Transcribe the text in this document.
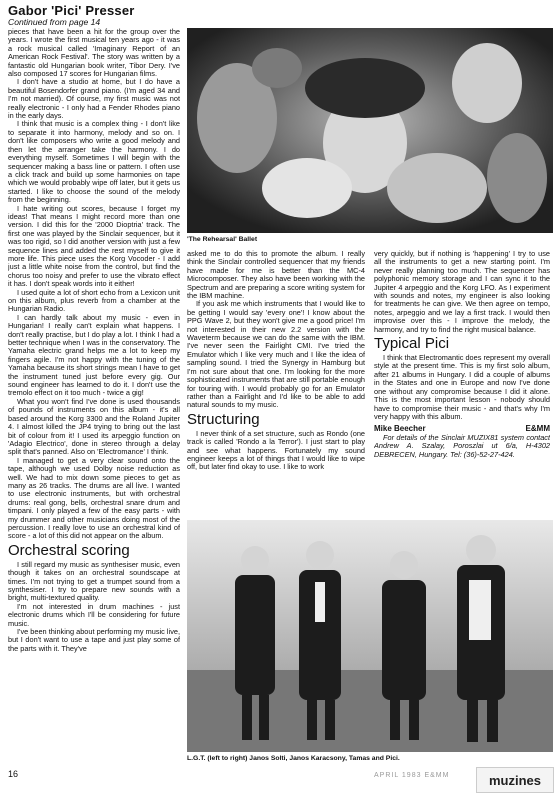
Gabor 'Pici' Presser
Continued from page 14

pieces that have been a hit for the group over the years. I wrote the first musical ten years ago - it was a rock musical called 'Imaginary Report of an American Rock Festival'. The story was written by a fantastic old Hungarian book writer, Tibor Dery. I've also composed 17 scores for Hungarian films.

I don't have a studio at home, but I do have a beautiful Bosendorfer grand piano. (I'm aged 34 and I'm not married). Of course, my first music was not really electronic - I only had a Fender Rhodes piano in the early days.

I think that music is a complex thing - I don't like to separate it into harmony, melody and so on. I don't like composers who write a good melody and then let the arranger take the harmony. I do everything myself. Sometimes I will begin with the sequencer making a bass line or pattern. I often use a click track and build up some harmonies on tape which we would probably wipe off later, but it gets us started. I like to choose the sound of the melody from the beginning.

I hate writing out scores, because I forget my ideas! That means I might record more than one version. I did this for the '2000 Dioptria' track. The first one was played by the Sinclair sequencer, but it was too rigid, so I did another version with just a few sequence lines and added the rest myself to give it more life. This piece uses the Korg Vocoder - I add just a little white noise from the control, but find the chorus too noisy and prefer to use the vibrato effect it has. I don't speak words into it either!

I used quite a lot of short echo from a Lexicon unit on this album, plus reverb from a chamber at the Hungarian Radio.

I can hardly talk about my music - even in Hungarian! I really can't explain what happens. I don't really practise, but I do play a lot. I think I had a better technique when I was in the conservatory. The Yamaha electric grand helps me a lot to keep my fingers agile. I'm not happy with the tuning of the Yamaha because its short strings mean I have to get the instrument tuned just before every gig. Our sound engineer has learned to do it. I don't use the tremolo effect on it too much - twice a gig!

What you won't find I've done is used thousands of pounds of instruments on this album - it's all based around the Korg 3300 and the Roland Jupiter 4. I almost killed the JP4 trying to bring out the last bit of colour from it! I used its arpeggio function on 'Adagio Electrico', done in stereo through a delay split that's panned. Also on 'Electromance' I think.

I managed to get a very clear sound onto the tape, although we used Dolby noise reduction as well. We had to mix down some pieces to get as many as 26 tracks. The drums are all live. I wanted to use electronic instruments, but with orchestral drums: real gong, bells, orchestral snare drum and timpani. I only played a few of the easy parts - with my drummer and other musicians doing most of the percussion. I really love to use an orchestral kind of score - a lot of this did not appear on the album.

Orchestral scoring

I still regard my music as synthesiser music, even though it takes on an orchestral soundscape at times. I'm not trying to get a trumpet sound from a synthesiser. I try to prepare new sounds with a bright, multi-textured quality.

I'm not interested in drum machines - just electronic drums which I'll be considering for future music.

I've been thinking about performing my music live, but I don't want to use a tape and just play some of the parts with it. They've

'The Rehearsal' Ballet

asked me to do this to promote the album. I really think the Sinclair controlled sequencer that my friends have made for me is better than the MC-4 Microcomposer. They also have been working with the Spectrum and are preparing a score writing system for the IBM machine.

If you ask me which instruments that I would like to be getting I would say 'every one'! I know about the PPG Wave 2, but they won't give me a good price! I'm not interested in their new 2.2 version with the Waveterm because we can do the same with the IBM. I've never seen the Fairlight CMI. I've tried the Emulator which I like very much and I like the idea of sampling sound. I tried the Synergy in Hamburg but I'm not sure about that one. I'm looking for the more sophisticated instruments that are still portable enough for touring with. I would probably go for an Emulator rather than a Fairlight and I'd like to be able to add natural sounds to my music.

Structuring

I never think of a set structure, such as Rondo (one track is called 'Rondo a la Terror'). I just start to play and see what happens. Fortunately my sound engineer keeps a lot of things that I would like to wipe off, but later find okay to use. I like to work

very quickly, but if nothing is 'happening' I try to use all the instruments to get a new starting point. I'm never really planning too much. The sequencer has polyphonic memory storage and I can sync it to the Jupiter 4 arpeggio and the Korg LFO. As I experiment with sounds and notes, my engineer is also looking for treatments he can give. We then agree on tempo, notes, arpeggio and we lay a first track. I would then improvise over this - I improve the melody, the harmony, and try to find the right musical balance.

Typical Pici

I think that Electromantic does represent my overall style at the present time. This is my first solo album, after 21 albums in Hungary. I did a couple of albums in the States and one in Europe and now I've done one without any compromise because I did it alone. This is the most important lesson - nobody should have to compromise their music - and that's why I'm very happy with this album.

Mike Beecher	E&MM

For details of the Sinclair MUZIX81 system contact Andrew A. Szalay, Poroszlai ut 6/a, H-4302 DEBRECEN, Hungary. Tel: (36)-52-27-424.

L.G.T. (left to right) Janos Solti, Janos Karacsony, Tamas and Pici.
16	APRIL 1983 E&MM	muzines
